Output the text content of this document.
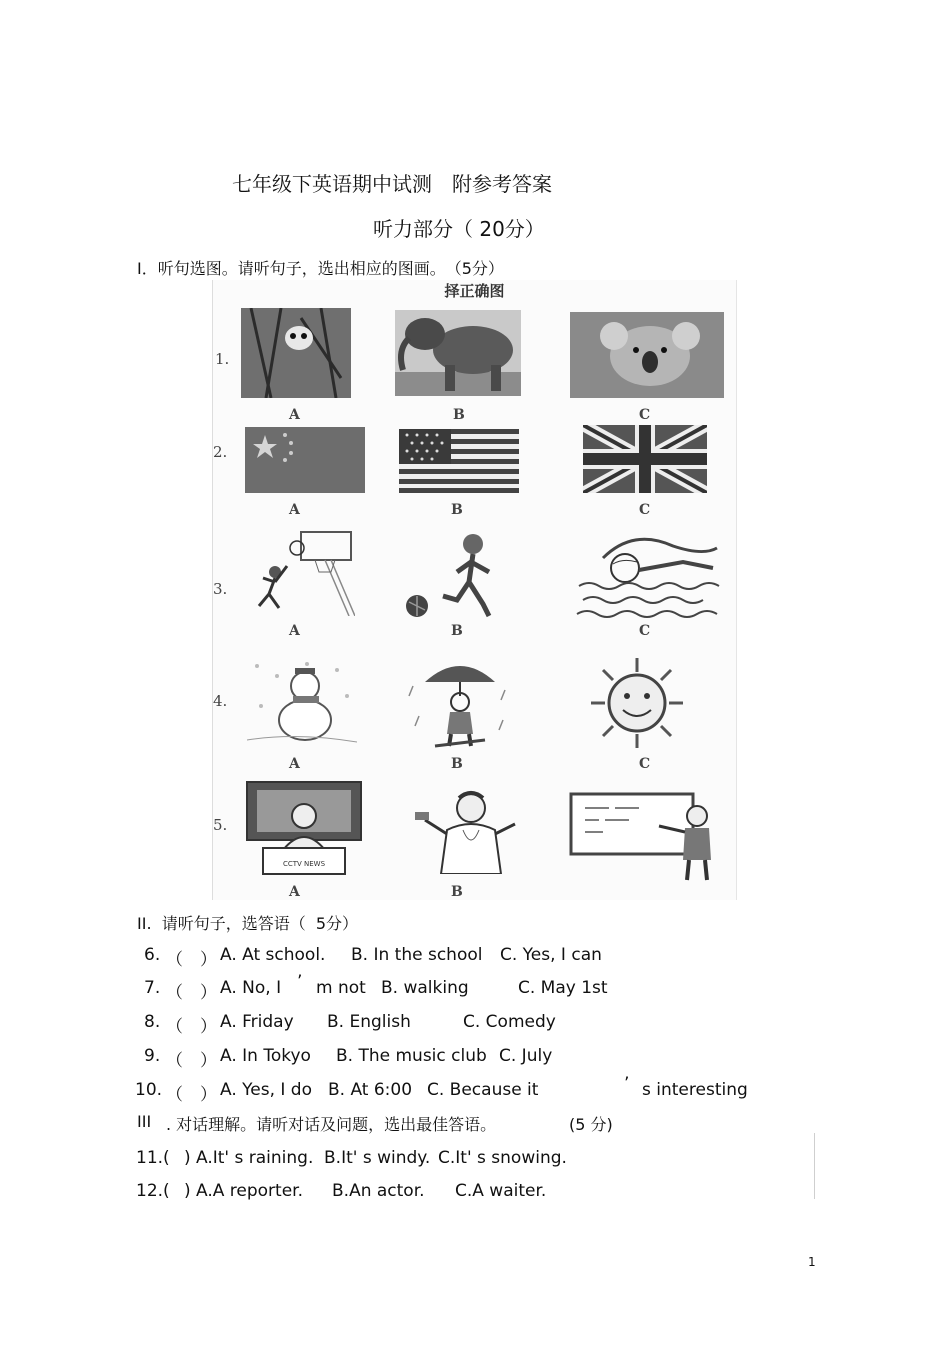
七年级下英语期中试测　附参考答案
听力部分（ 20分）
I．听句选图。请听句子，选出相应的图画。　（5分）
择正确图
1.
A	B	C
2.
A	B	C
3.
A	B	C
4.
A	B	C
5.
CCTV NEWS
A	B
II.  请听句子，选答语（  5分）
6. （　） A. At school. B. In the school C. Yes, I can
7. （　） A. No, I ’ m not B. walking	C. May 1st
8. （　） A. Friday B. English	C. Comedy
9. （　） A. In Tokyo B. The music club C. July
10. （　） A. Yes, I do B. At 6:00 C. Because it	’ s interesting
III . 对话理解。请听对话及问题，选出最佳答语。	(5 分)
11.( ) A.It' s raining. B.It' s windy. C.It' s snowing.
12.( ) A.A reporter. B.An actor. C.A waiter.
1
